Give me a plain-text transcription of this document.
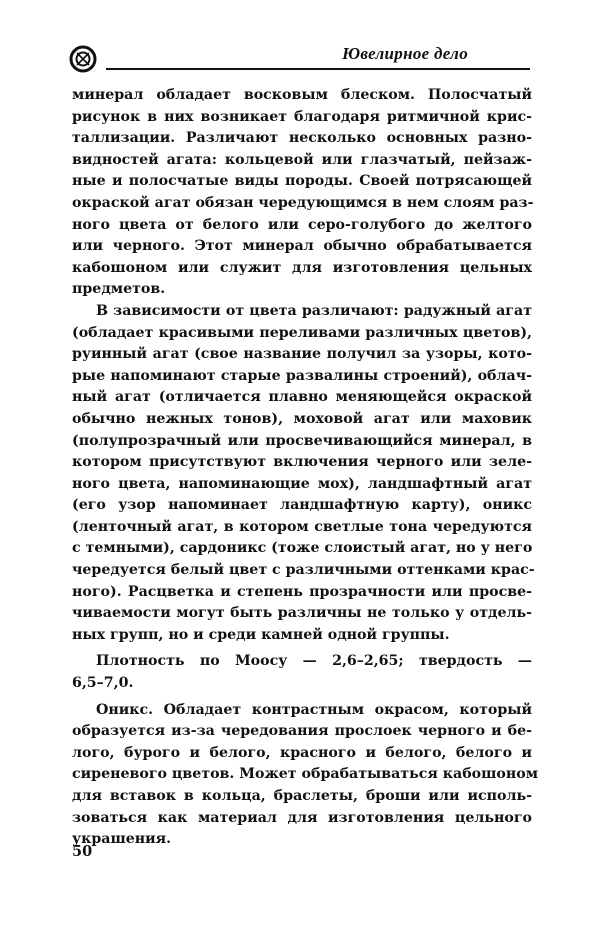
Ювелирное дело
минерал обладает восковым блеском. Полосчатый
рисунок в них возникает благодаря ритмичной крис-
таллизации. Различают несколько основных разно-
видностей агата: кольцевой или глазчатый, пейзаж-
ные и полосчатые виды породы. Своей потрясающей
окраской агат обязан чередующимся в нем слоям раз-
ного цвета от белого или серо-голубого до желтого
или черного. Этот минерал обычно обрабатывается
кабошоном или служит для изготовления цельных
предметов.
В зависимости от цвета различают: радужный агат
(обладает красивыми переливами различных цветов),
руинный агат (свое название получил за узоры, кото-
рые напоминают старые развалины строений), облач-
ный агат (отличается плавно меняющейся окраской
обычно нежных тонов), моховой агат или маховик
(полупрозрачный или просвечивающийся минерал, в
котором присутствуют включения черного или зеле-
ного цвета, напоминающие мох), ландшафтный агат
(его узор напоминает ландшафтную карту), оникс
(ленточный агат, в котором светлые тона чередуются
с темными), сардоникс (тоже слоистый агат, но у него
чередуется белый цвет с различными оттенками крас-
ного). Расцветка и степень прозрачности или просве-
чиваемости могут быть различны не только у отдель-
ных групп, но и среди камней одной группы.
Плотность по Моосу — 2,6–2,65; твердость —
6,5–7,0.
Оникс. Обладает контрастным окрасом, который
образуется из-за чередования прослоек черного и бе-
лого, бурого и белого, красного и белого, белого и
сиреневого цветов. Может обрабатываться кабошоном
для вставок в кольца, браслеты, броши или исполь-
зоваться как материал для изготовления цельного
украшения.
50
